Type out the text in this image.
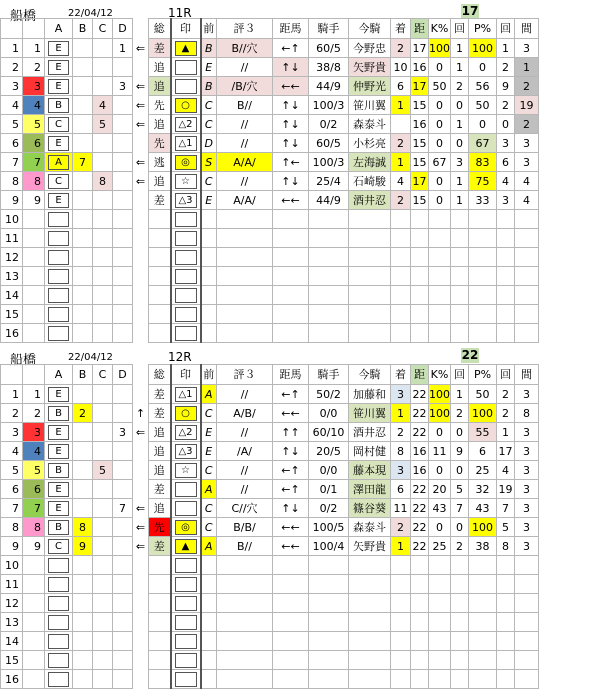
船橋	22/04/12	11R	17
		A	B	C	D		総	印	前	評３	距馬	騎手	今騎	着	距	K%	回	P%	回	間
1	1	E			1	⇐	差	▲	B	B//穴	←↑	60/5	今野忠	2	17	100	1	100	1	3
2	2	E					追		E	//	↑↓	38/8	矢野貴	10	16	0	1	0	2	1
3	3	E			3	⇐	追		B	/B/穴	←←	44/9	仲野光	6	17	50	2	56	9	2
4	4	B		4		⇐	先	○	C	B//	↑↓	100/3	笹川翼	1	15	0	0	50	2	19
5	5	C		5		⇐	追	△2	C	//	↑↓	0/2	森泰斗		16	0	1	0	0	2
6	6	E					先	△1	D	//	↑↓	60/5	小杉亮	2	15	0	0	67	3	3
7	7	A	7			⇐	逃	◎	S	A/A/	↑←	100/3	左海誠	1	15	67	3	83	6	3
8	8	C		8		⇐	追	☆	C	//	↑↓	25/4	石崎駿	4	17	0	1	75	4	4
9	9	E					差	△3	E	A/A/	←←	44/9	酒井忍	2	15	0	1	33	3	4
10		

11		

12		

13		

14		

15		

16		

船橋	22/04/12	12R	22
		A	B	C	D		総	印	前	評３	距馬	騎手	今騎	着	距	K%	回	P%	回	間
1	1	E					差	△1	A	//	←↑	50/2	加藤和	3	22	100	1	50	2	3
2	2	B	2			↑	差	○	C	A/B/	←←	0/0	笹川翼	1	22	100	2	100	2	8
3	3	E			3	⇐	追	△2	E	//	↑↑	60/10	酒井忍	2	22	0	0	55	1	3
4	4	E					追	△3	E	/A/	↑↓	20/5	岡村健	8	16	11	9	6	17	3
5	5	B		5			追	☆	C	//	←↑	0/0	藤本現	3	16	0	0	25	4	3
6	6	E					差		A	//	←↑	0/1	澤田龍	6	22	20	5	32	19	3
7	7	E			7	⇐	追		C	C//穴	↑↓	0/2	篠谷葵	11	22	43	7	43	7	3
8	8	B	8			⇐	先	◎	C	B/B/	←←	100/5	森泰斗	2	22	0	0	100	5	3
9	9	C	9			⇐	差	▲	A	B//	←←	100/4	矢野貴	1	22	25	2	38	8	3
10		

11		

12		

13		

14		

15		

16		
